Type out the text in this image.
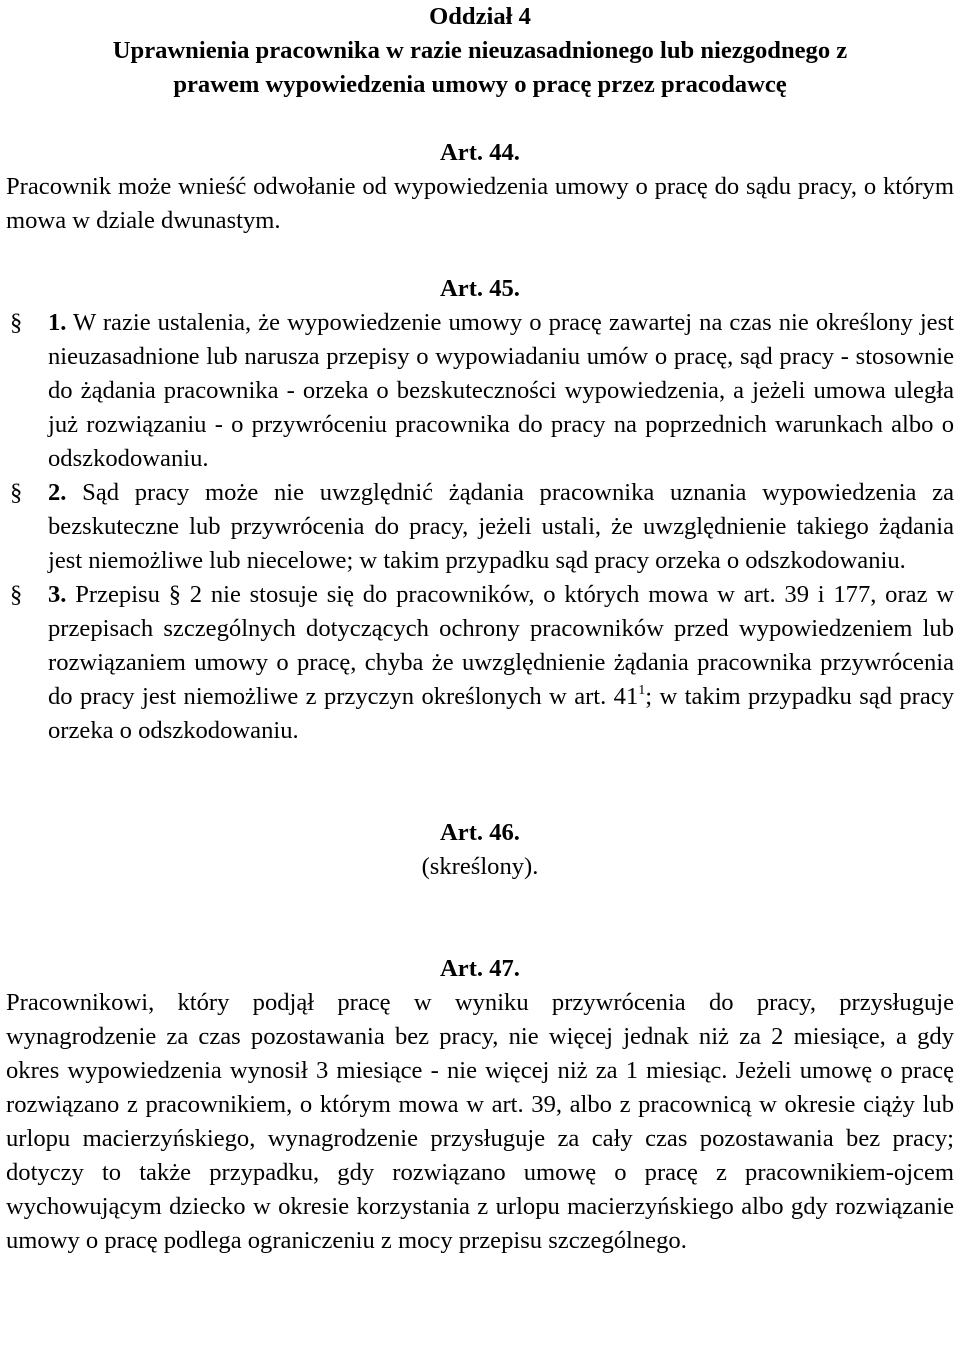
Oddział 4

Uprawnienia pracownika w razie nieuzasadnionego lub niezgodnego z

prawem wypowiedzenia umowy o pracę przez pracodawcę

Art. 44.

Pracownik może wnieść odwołanie od wypowiedzenia umowy o pracę do sądu pracy, o którym mowa w dziale dwunastym.

Art. 45.

§ 1. W razie ustalenia, że wypowiedzenie umowy o pracę zawartej na czas nie określony jest nieuzasadnione lub narusza przepisy o wypowiadaniu umów o pracę, sąd pracy - stosownie do żądania pracownika - orzeka o bezskuteczności wypowiedzenia, a jeżeli umowa uległa już rozwiązaniu - o przywróceniu pracownika do pracy na poprzednich warunkach albo o odszkodowaniu.

§ 2. Sąd pracy może nie uwzględnić żądania pracownika uznania wypowiedzenia za bezskuteczne lub przywrócenia do pracy, jeżeli ustali, że uwzględnienie takiego żądania jest niemożliwe lub niecelowe; w takim przypadku sąd pracy orzeka o odszkodowaniu.

§ 3. Przepisu § 2 nie stosuje się do pracowników, o których mowa w art. 39 i 177, oraz w przepisach szczególnych dotyczących ochrony pracowników przed wypowiedzeniem lub rozwiązaniem umowy o pracę, chyba że uwzględnienie żądania pracownika przywrócenia do pracy jest niemożliwe z przyczyn określonych w art. $41^1$; w takim przypadku sąd pracy orzeka o odszkodowaniu.

Art. 46.

(skreślony).

Art. 47.

Pracownikowi, który podjął pracę w wyniku przywrócenia do pracy, przysługuje wynagrodzenie za czas pozostawania bez pracy, nie więcej jednak niż za 2 miesiące, a gdy okres wypowiedzenia wynosił 3 miesiące - nie więcej niż za 1 miesiąc. Jeżeli umowę o pracę rozwiązano z pracownikiem, o którym mowa w art. 39, albo z pracownicą w okresie ciąży lub urlopu macierzyńskiego, wynagrodzenie przysługuje za cały czas pozostawania bez pracy; dotyczy to także przypadku, gdy rozwiązano umowę o pracę z pracownikiem-ojcem wychowującym dziecko w okresie korzystania z urlopu macierzyńskiego albo gdy rozwiązanie umowy o pracę podlega ograniczeniu z mocy przepisu szczególnego.
